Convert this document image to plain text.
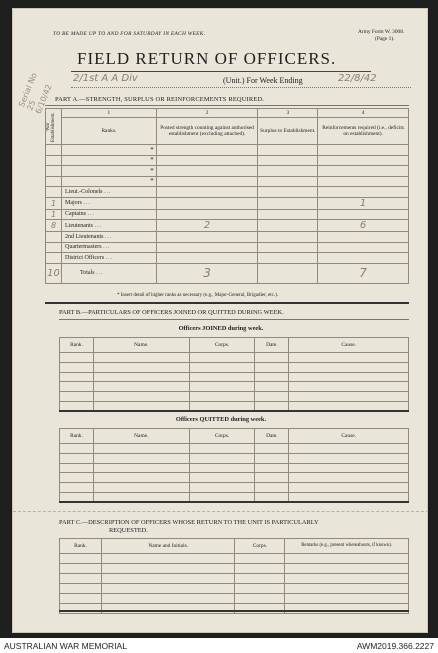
TO BE MADE UP TO AND FOR SATURDAY IN EACH WEEK.	Army Form W. 3008.
(Page 1).
Serial No 25 6/10/42
FIELD RETURN OF OFFICERS.
2/1st A A Div	(Unit.) For Week Ending	22/8/42
PART A.—STRENGTH, SURPLUS OR REINFORCEMENTS REQUIRED.
War Establishment.	1	2	3	4
	Ranks.	Posted strength counting against authorised establishment (excluding attached).	Surplus to Establishment.	Reinforcements required (i.e., deficits on establishment).
	*			
	*			
	*			
	*			
	Lieut.-Colonels ...			
1	Majors ...			1
1	Captains ...			
8	Lieutenants ...	2		6
	2nd Lieutenants ...			
	Quartermasters ...			
	District Officers ...			
10	Totals ...	3		7
* Insert detail of higher ranks as necessary (e.g., Major-General, Brigadier, etc.).
PART B.—PARTICULARS OF OFFICERS JOINED OR QUITTED DURING WEEK.
Officers JOINED during week.
Rank.	Name.	Corps.	Date.	Cause.

Officers QUITTED during week.
Rank.	Name.	Corps.	Date.	Cause.

PART C.—DESCRIPTION OF OFFICERS WHOSE RETURN TO THE UNIT IS PARTICULARLY
REQUESTED.
Rank.	Name and Initials.	Corps.	Remarks (e.g., present whereabouts, if known).

AUSTRALIAN WAR MEMORIAL	AWM2019.366.2227
